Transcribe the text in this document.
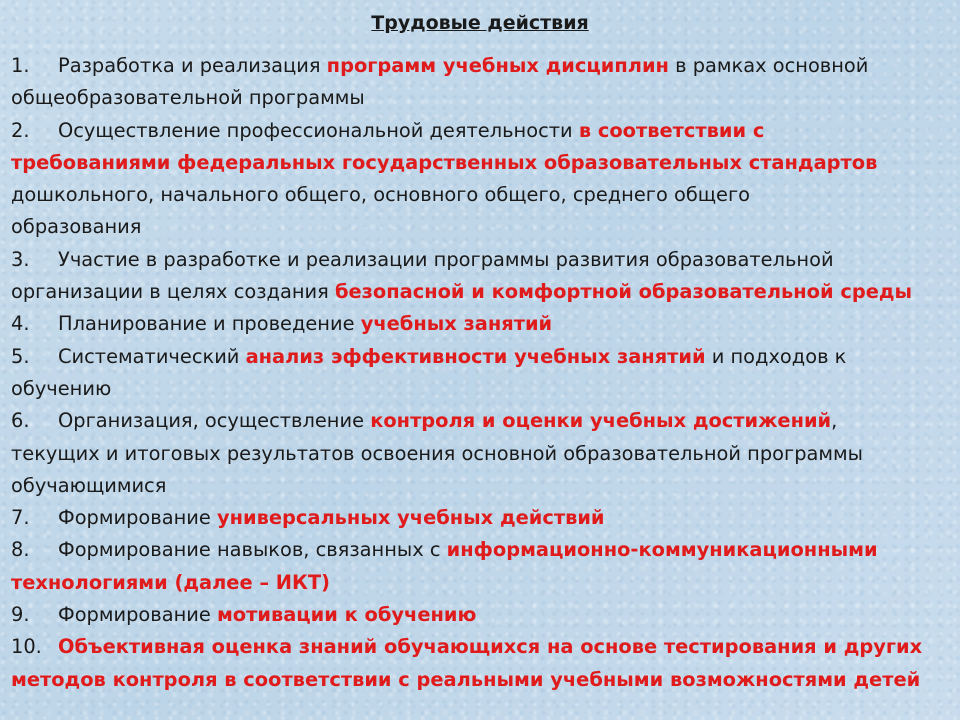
Трудовые действия
1. Разработка и реализация программ учебных дисциплин в рамках основной
общеобразовательной программы
2. Осуществление профессиональной деятельности в соответствии с
требованиями федеральных государственных образовательных стандартов
дошкольного, начального общего, основного общего, среднего общего
образования
3. Участие в разработке и реализации программы развития образовательной
организации в целях создания безопасной и комфортной образовательной среды
4. Планирование и проведение учебных занятий
5. Систематический анализ эффективности учебных занятий и подходов к
обучению
6. Организация, осуществление контроля и оценки учебных достижений,
текущих и итоговых результатов освоения основной образовательной программы
обучающимися
7. Формирование универсальных учебных действий
8. Формирование навыков, связанных с информационно-коммуникационными
технологиями (далее – ИКТ)
9. Формирование мотивации к обучению
10. Объективная оценка знаний обучающихся на основе тестирования и других
методов контроля в соответствии с реальными учебными возможностями детей
